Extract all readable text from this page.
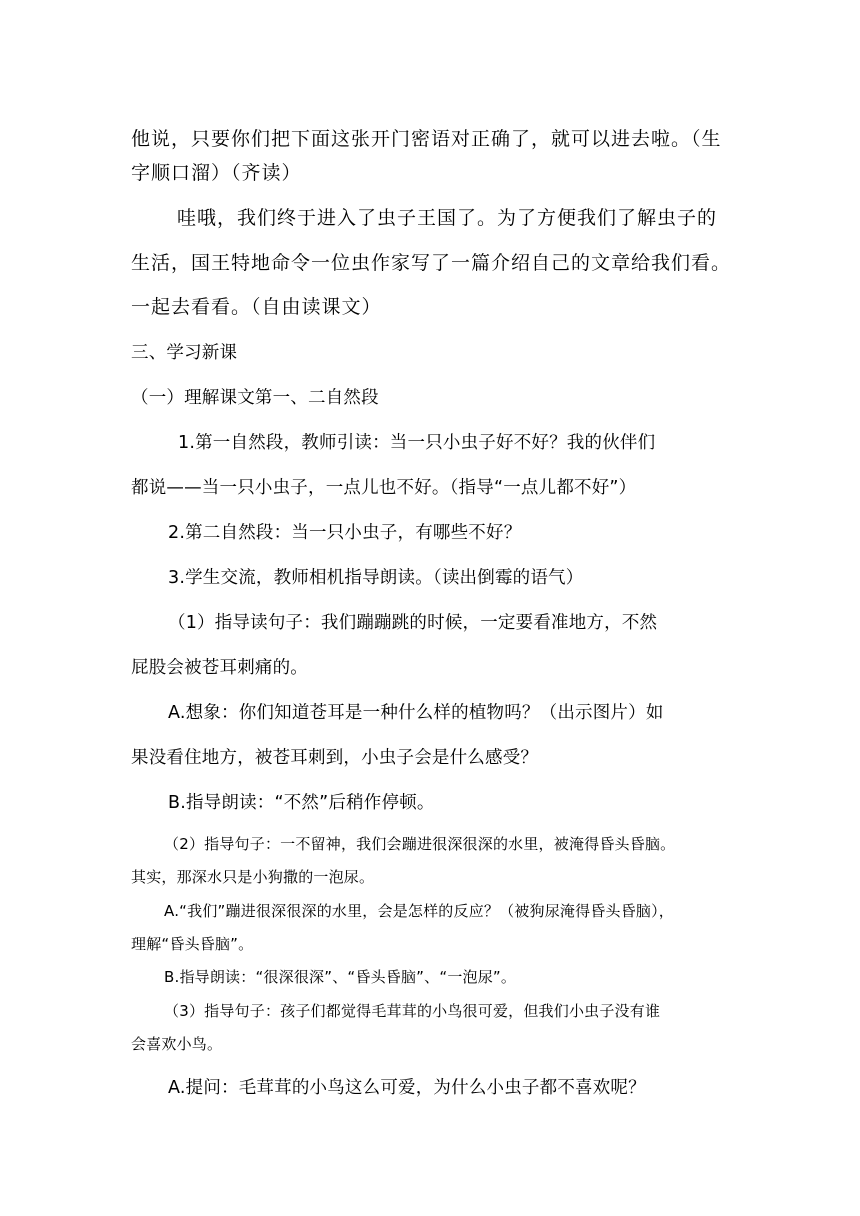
他说，只要你们把下面这张开门密语对正确了，就可以进去啦。（生
字顺口溜）（齐读）
哇哦，我们终于进入了虫子王国了。为了方便我们了解虫子的
生活，国王特地命令一位虫作家写了一篇介绍自己的文章给我们看。
一起去看看。（自由读课文）
三、学习新课
（一）理解课文第一、二自然段
1.第一自然段，教师引读：当一只小虫子好不好？我的伙伴们
都说——当一只小虫子，一点儿也不好。（指导“一点儿都不好”）
2.第二自然段：当一只小虫子，有哪些不好？
3.学生交流，教师相机指导朗读。（读出倒霉的语气）
（1）指导读句子：我们蹦蹦跳的时候，一定要看准地方，不然
屁股会被苍耳刺痛的。
A.想象：你们知道苍耳是一种什么样的植物吗？（出示图片）如
果没看住地方，被苍耳刺到，小虫子会是什么感受？
B.指导朗读：“不然”后稍作停顿。
（2）指导句子：一不留神，我们会蹦进很深很深的水里，被淹得昏头昏脑。
其实，那深水只是小狗撒的一泡尿。
A.“我们”蹦进很深很深的水里，会是怎样的反应？（被狗尿淹得昏头昏脑），
理解“昏头昏脑”。
B.指导朗读：“很深很深”、“昏头昏脑”、“一泡尿”。
（3）指导句子：孩子们都觉得毛茸茸的小鸟很可爱，但我们小虫子没有谁
会喜欢小鸟。
A.提问：毛茸茸的小鸟这么可爱，为什么小虫子都不喜欢呢？
